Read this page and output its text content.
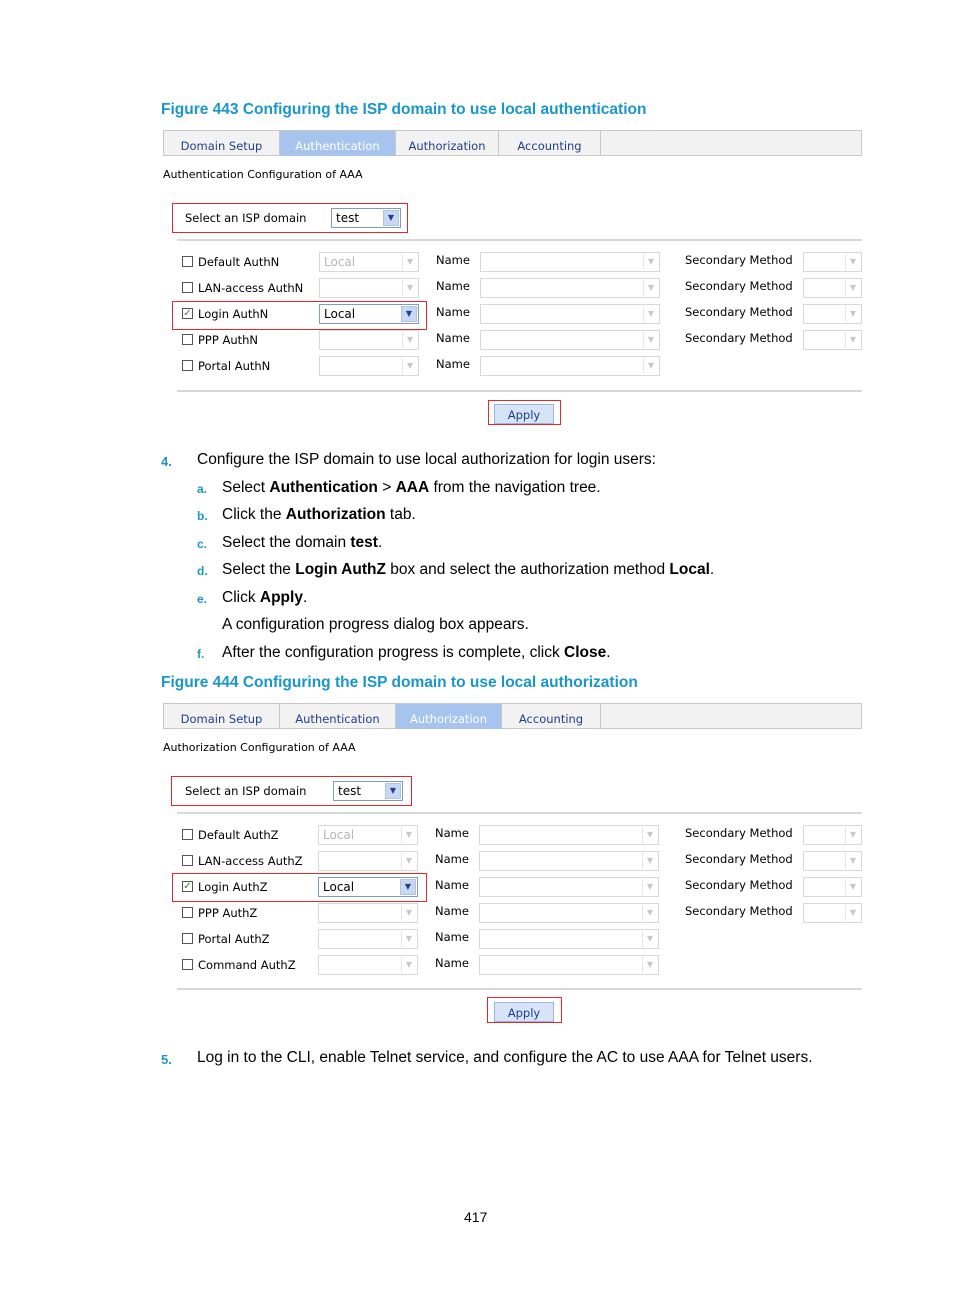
Figure 443 Configuring the ISP domain to use local authentication
Domain Setup	Authentication	Authorization	Accounting
Authentication Configuration of AAA
Select an ISP domain	test	▼
Default AuthN	Local	▼	Name	▼	Secondary Method	▼
LAN-access AuthN	▼	Name	▼	Secondary Method	▼
✓ Login AuthN	Local	▼	Name	▼	Secondary Method	▼
PPP AuthN	▼	Name	▼	Secondary Method	▼
Portal AuthN	▼	Name	▼
Apply
4. Configure the ISP domain to use local authorization for login users:
a. Select Authentication > AAA from the navigation tree.
b. Click the Authorization tab.
c. Select the domain test.
d. Select the Login AuthZ box and select the authorization method Local.
e. Click Apply.
A configuration progress dialog box appears.
f. After the configuration progress is complete, click Close.
Figure 444 Configuring the ISP domain to use local authorization
Domain Setup	Authentication	Authorization	Accounting
Authorization Configuration of AAA
Select an ISP domain	test	▼
Default AuthZ	Local	▼	Name	▼	Secondary Method	▼
LAN-access AuthZ	▼	Name	▼	Secondary Method	▼
✓ Login AuthZ	Local	▼	Name	▼	Secondary Method	▼
PPP AuthZ	▼	Name	▼	Secondary Method	▼
Portal AuthZ	▼	Name	▼
Command AuthZ	▼	Name	▼
Apply
5. Log in to the CLI, enable Telnet service, and configure the AC to use AAA for Telnet users.
417
